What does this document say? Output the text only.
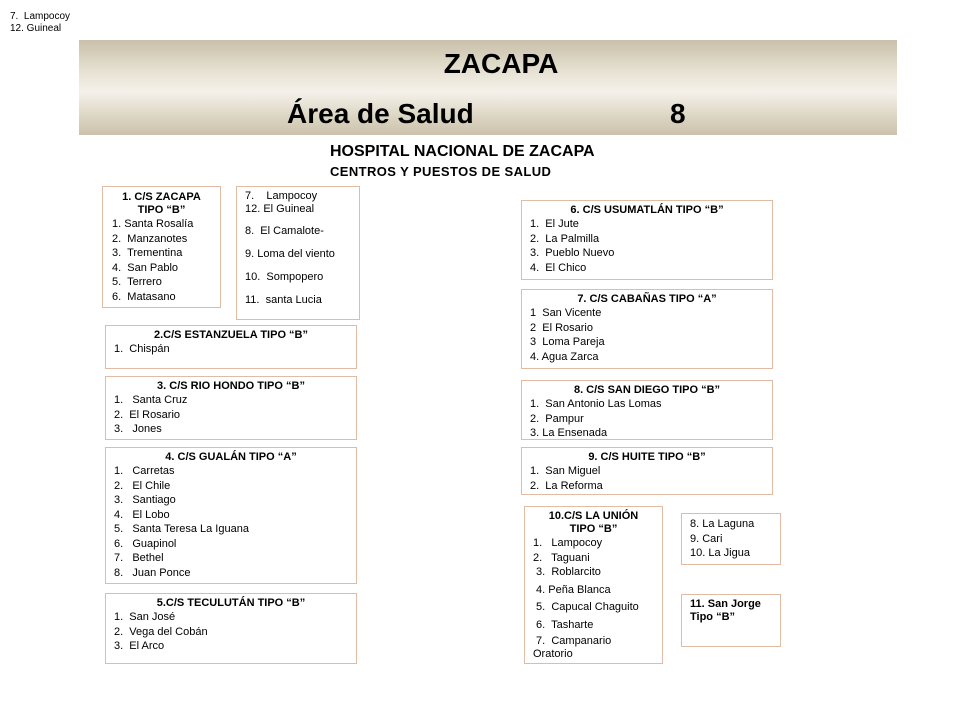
7.  Lampocoy
12. Guineal
ZACAPA
Área de Salud	8
HOSPITAL NACIONAL DE ZACAPA
CENTROS Y PUESTOS DE SALUD
1. C/S ZACAPA
TIPO “B”
1. Santa Rosalía
2.  Manzanotes
3.  Trementina
4.  San Pablo
5.  Terrero
6.  Matasano
7.    Lampocoy
12. El Guineal
8.  El Camalote-
9. Loma del viento
10.  Sompopero
11.  santa Lucia
2.C/S ESTANZUELA TIPO “B”
1.  Chispán
3. C/S RIO HONDO TIPO “B”
1.   Santa Cruz
2.  El Rosario
3.   Jones
4. C/S GUALÁN TIPO “A”
1.   Carretas
2.   El Chile
3.   Santiago
4.   El Lobo
5.   Santa Teresa La Iguana
6.   Guapinol
7.   Bethel
8.   Juan Ponce
5.C/S TECULUTÁN TIPO “B”
1.  San José
2.  Vega del Cobán
3.  El Arco
6. C/S USUMATLÁN TIPO “B”
1.  El Jute
2.  La Palmilla
3.  Pueblo Nuevo
4.  El Chico
7. C/S CABAÑAS TIPO “A”
1  San Vicente
2  El Rosario
3  Loma Pareja
4. Agua Zarca
8. C/S SAN DIEGO TIPO “B”
1.  San Antonio Las Lomas
2.  Pampur
3. La Ensenada
9. C/S HUITE TIPO “B”
1.  San Miguel
2.  La Reforma
10.C/S LA UNIÓN
TIPO “B”
1.   Lampocoy
2.   Taguani
3.  Roblarcito
4. Peña Blanca
5.  Capucal Chaguito
6.  Tasharte
7.  Campanario
Oratorio
8. La Laguna
9. Cari
10. La Jigua
11. San Jorge
Tipo “B”
